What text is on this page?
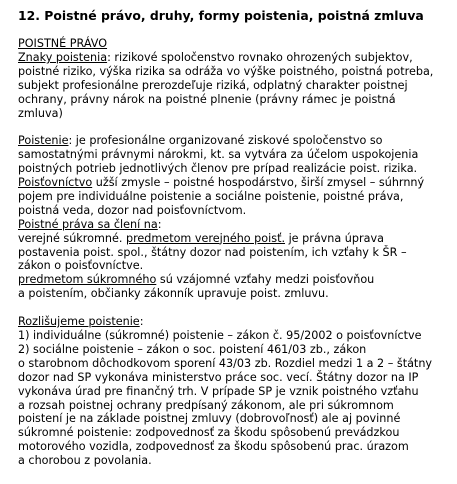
12. Poistné právo, druhy, formy poistenia, poistná zmluva
POISTNÉ PRÁVO
Znaky poistenia: rizikové spoločenstvo rovnako ohrozených subjektov,
poistné riziko, výška rizika sa odráža vo výške poistného, poistná potreba,
subjekt profesionálne prerozdeľuje riziká, odplatný charakter poistnej
ochrany, právny nárok na poistné plnenie (právny rámec je poistná
zmluva)
Poistenie: je profesionálne organizované ziskové spoločenstvo so
samostatnými právnymi nárokmi, kt. sa vytvára za účelom uspokojenia
poistných potrieb jednotlivých členov pre prípad realizácie poist. rizika.
Poisťovníctvo užší zmysle – poistné hospodárstvo, širší zmysel – súhrnný
pojem pre individuálne poistenie a sociálne poistenie, poistné práva,
poistná veda, dozor nad poisťovníctvom.
Poistné práva sa člení na:
verejné súkromné. predmetom verejného poisť. je právna úprava
postavenia poist. spol., štátny dozor nad poistením, ich vzťahy k ŠR –
zákon o poisťovníctve.
predmetom súkromného sú vzájomné vzťahy medzi poisťovňou
a poistením, občianky zákonník upravuje poist. zmluvu.
Rozlišujeme poistenie:
1) individuálne (súkromné) poistenie – zákon č. 95/2002 o poisťovníctve
2) sociálne poistenie – zákon o soc. poistení 461/03 zb., zákon
o starobnom dôchodkovom sporení 43/03 zb. Rozdiel medzi 1 a 2 – štátny
dozor nad SP vykonáva ministerstvo práce soc. vecí. Štátny dozor na IP
vykonáva úrad pre finančný trh. V prípade SP je vznik poistného vzťahu
a rozsah poistnej ochrany predpísaný zákonom, ale pri súkromnom
poistení je na základe poistnej zmluvy (dobrovoľnosť) ale aj povinné
súkromné poistenie: zodpovednosť za škodu spôsobenú prevádzkou
motorového vozidla, zodpovednosť za škodu spôsobenú prac. úrazom
a chorobou z povolania.
